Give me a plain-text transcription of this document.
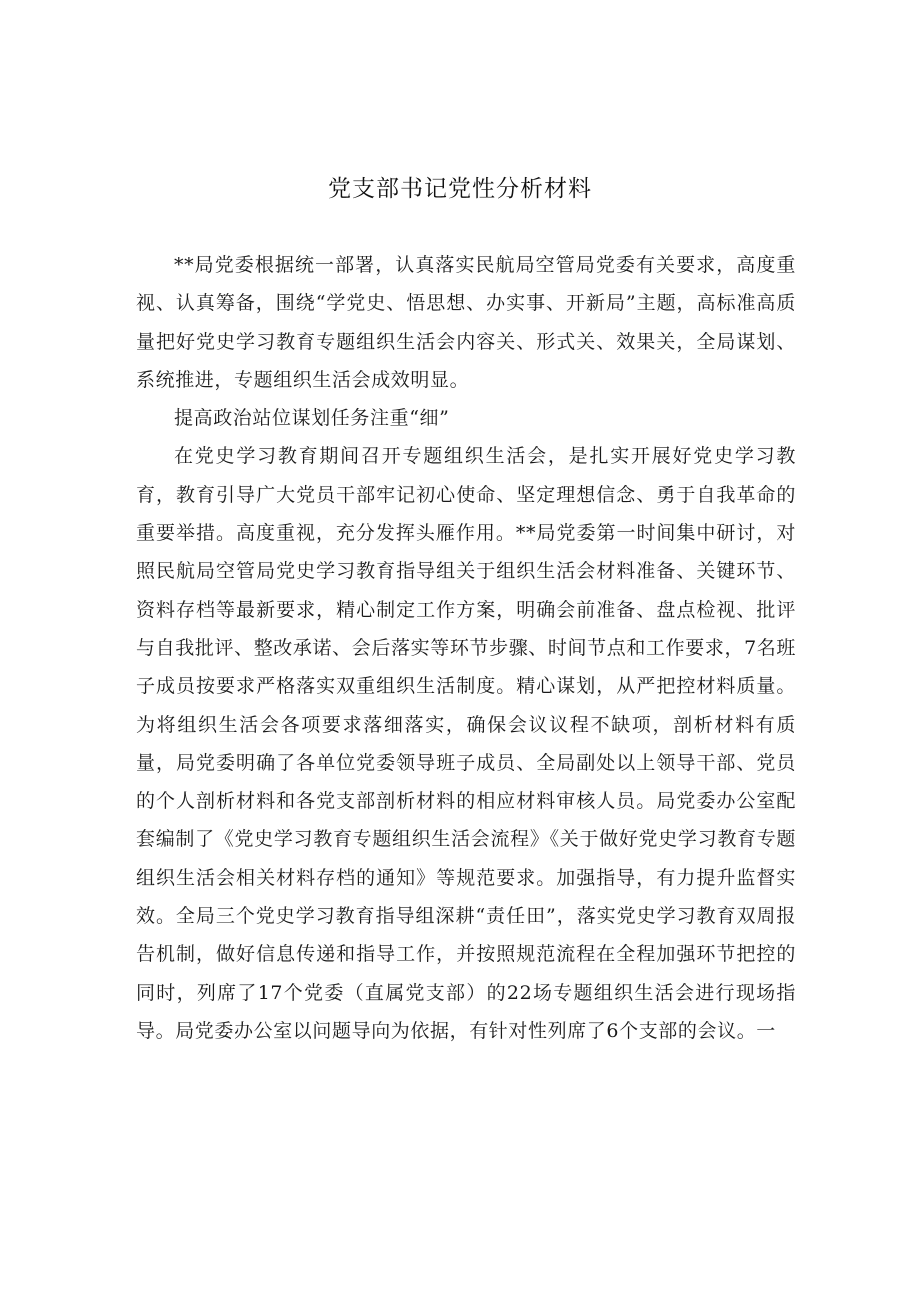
党支部书记党性分析材料

**局党委根据统一部署，认真落实民航局空管局党委有关要求，高度重视、认真筹备，围绕“学党史、悟思想、办实事、开新局”主题，高标准高质量把好党史学习教育专题组织生活会内容关、形式关、效果关，全局谋划、系统推进，专题组织生活会成效明显。

提高政治站位谋划任务注重“细”

在党史学习教育期间召开专题组织生活会，是扎实开展好党史学习教育，教育引导广大党员干部牢记初心使命、坚定理想信念、勇于自我革命的重要举措。高度重视，充分发挥头雁作用。**局党委第一时间集中研讨，对照民航局空管局党史学习教育指导组关于组织生活会材料准备、关键环节、资料存档等最新要求，精心制定工作方案，明确会前准备、盘点检视、批评与自我批评、整改承诺、会后落实等环节步骤、时间节点和工作要求，7名班子成员按要求严格落实双重组织生活制度。精心谋划，从严把控材料质量。为将组织生活会各项要求落细落实，确保会议议程不缺项，剖析材料有质量，局党委明确了各单位党委领导班子成员、全局副处以上领导干部、党员的个人剖析材料和各党支部剖析材料的相应材料审核人员。局党委办公室配套编制了《党史学习教育专题组织生活会流程》《关于做好党史学习教育专题组织生活会相关材料存档的通知》等规范要求。加强指导，有力提升监督实效。全局三个党史学习教育指导组深耕“责任田”，落实党史学习教育双周报告机制，做好信息传递和指导工作，并按照规范流程在全程加强环节把控的同时，列席了17个党委（直属党支部）的22场专题组织生活会进行现场指导。局党委办公室以问题导向为依据，有针对性列席了6个支部的会议。一
